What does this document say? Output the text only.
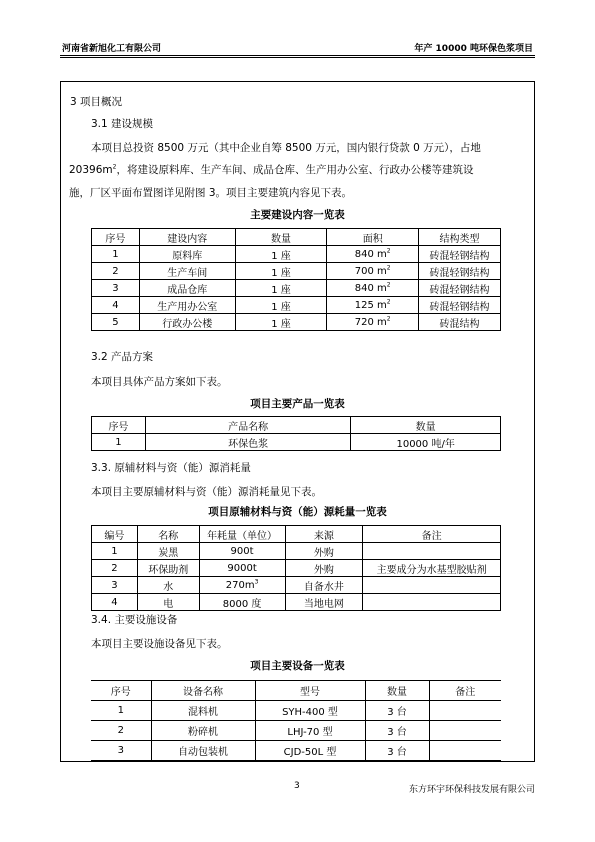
河南省新旭化工有限公司	年产 10000 吨环保色浆项目
3 项目概况
3.1 建设规模
本项目总投资 8500 万元（其中企业自筹 8500 万元，国内银行贷款 0 万元），占地
$20396m^2$，将建设原料库、生产车间、成品仓库、生产用办公室、行政办公楼等建筑设
施，厂区平面布置图详见附图 3。项目主要建筑内容见下表。
主要建设内容一览表
序号	建设内容	数量	面积	结构类型
1	原料库	1 座	840 $m^2$	砖混轻钢结构
2	生产车间	1 座	700 $m^2$	砖混轻钢结构
3	成品仓库	1 座	840 $m^2$	砖混轻钢结构
4	生产用办公室	1 座	125 $m^2$	砖混轻钢结构
5	行政办公楼	1 座	720 $m^2$	砖混结构
3.2 产品方案
本项目具体产品方案如下表。
项目主要产品一览表
序号	产品名称	数量
1	环保色浆	10000 吨/年
3.3. 原辅材料与资（能）源消耗量
本项目主要原辅材料与资（能）源消耗量见下表。
项目原辅材料与资（能）源耗量一览表
编号	名称	年耗量（单位）	来源	备注
1	炭黑	900t	外购	
2	环保助剂	9000t	外购	主要成分为水基型胶贴剂
3	水	$270m^3$	自备水井	
4	电	8000 度	当地电网	
3.4. 主要设施设备
本项目主要设施设备见下表。
项目主要设备一览表
序号	设备名称	型号	数量	备注
1	混料机	SYH-400 型	3 台	
2	粉碎机	LHJ-70 型	3 台	
3	自动包装机	CJD-50L 型	3 台	
3	东方环宇环保科技发展有限公司
